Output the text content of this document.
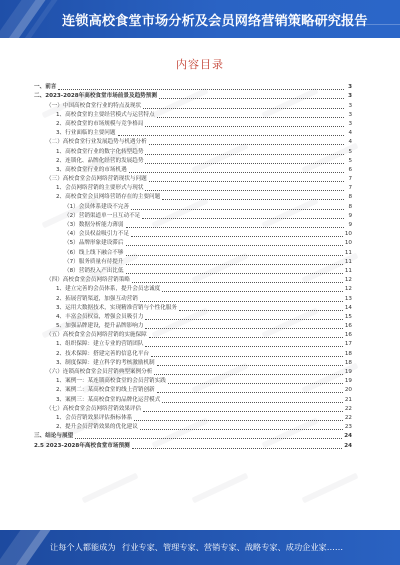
连锁高校食堂市场分析及会员网络营销策略研究报告
内容目录
一、前言	3
二、2023-2028年高校食堂市场前景及趋势预测	3
（一）中国高校食堂行业的特点及现状	3
1、高校食堂的主要经营模式与运营特点	3
2、高校食堂的市场规模与竞争格局	3
3、行业面临的主要问题	4
（二）高校食堂行业发展趋势与机遇分析	4
1、高校食堂行业的数字化转型趋势	5
2、连锁化、品牌化经营的发展趋势	5
3、高校食堂行业的市场机遇	6
（三）高校食堂会员网络营销现状与问题	7
1、会员网络营销的主要形式与现状	7
2、高校食堂会员网络营销存在的主要问题	8
（1）会员体系建设不完善	8
（2）营销渠道单一且互动不足	9
（3）数据分析能力薄弱	9
（4）会员权益吸引力不足	10
（5）品牌形象建设滞后	10
（6）线上线下融合不够	11
（7）服务质量有待提升	11
（8）营销投入产出比低	11
（四）高校食堂会员网络营销策略	12
1、建立完善的会员体系，提升会员忠诚度	12
2、拓展营销渠道，加强互动营销	13
3、运用大数据技术，实现精准营销与个性化服务	14
4、丰富会员权益，增强会员吸引力	15
5、加强品牌建设，提升品牌影响力	16
（五）高校食堂会员网络营销的实施保障	16
1、组织保障：建立专业的营销团队	17
2、技术保障：搭建完善的信息化平台	18
3、制度保障：建立科学的考核激励机制	18
（六）连锁高校食堂会员营销典型案例分析	19
1、案例一：某连锁高校食堂的会员营销实践	19
2、案例二：某高校食堂的线上营销创新	20
3、案例三：某高校食堂的品牌化运营模式	21
（七）高校食堂会员网络营销效果评估	22
1、会员营销效果评估指标体系	22
2、提升会员营销效果的优化建议	23
三、结论与展望	24
2.5 2023-2028年高校食堂市场预测	24
让每个人都能成为 行业专家、管理专家、营销专家、战略专家、成功企业家……
